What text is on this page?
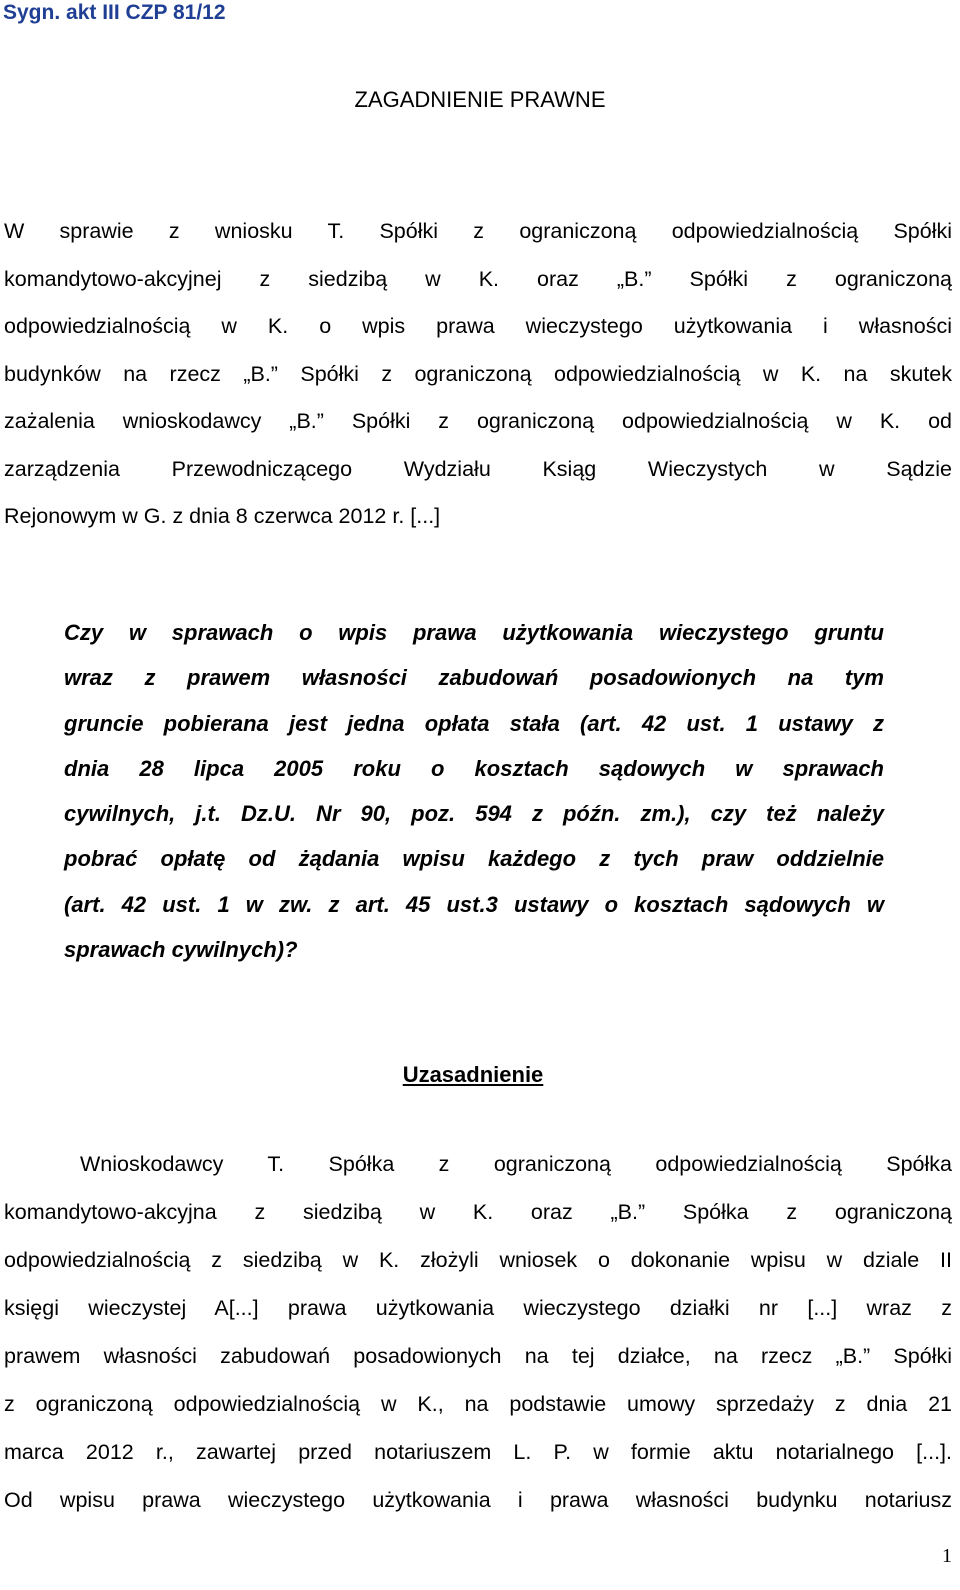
Sygn. akt III CZP 81/12
ZAGADNIENIE PRAWNE
W sprawie z wniosku T. Spółki z ograniczoną odpowiedzialnością Spółki
komandytowo-akcyjnej z siedzibą w K. oraz „B.” Spółki z ograniczoną
odpowiedzialnością w K. o wpis prawa wieczystego użytkowania i własności
budynków na rzecz „B.” Spółki z ograniczoną odpowiedzialnością w K. na skutek
zażalenia wnioskodawcy „B.” Spółki z ograniczoną odpowiedzialnością w K. od
zarządzenia Przewodniczącego Wydziału Ksiąg Wieczystych w Sądzie
Rejonowym w G. z dnia 8 czerwca 2012 r. [...]
Czy w sprawach o wpis prawa użytkowania wieczystego gruntu
wraz z prawem własności zabudowań posadowionych na tym
gruncie pobierana jest jedna opłata stała (art. 42 ust. 1 ustawy z
dnia 28 lipca 2005 roku o kosztach sądowych w sprawach
cywilnych, j.t. Dz.U. Nr 90, poz. 594 z późn. zm.), czy też należy
pobrać opłatę od żądania wpisu każdego z tych praw oddzielnie
(art. 42 ust. 1 w zw. z art. 45 ust.3 ustawy o kosztach sądowych w
sprawach cywilnych)?
Uzasadnienie
Wnioskodawcy T. Spółka z ograniczoną odpowiedzialnością Spółka
komandytowo-akcyjna z siedzibą w K. oraz „B.” Spółka z ograniczoną
odpowiedzialnością z siedzibą w K. złożyli wniosek o dokonanie wpisu w dziale II
księgi wieczystej A[...] prawa użytkowania wieczystego działki nr [...] wraz z
prawem własności zabudowań posadowionych na tej działce, na rzecz „B.” Spółki
z ograniczoną odpowiedzialnością w K., na podstawie umowy sprzedaży z dnia 21
marca 2012 r., zawartej przed notariuszem L. P. w formie aktu notarialnego [...].
Od wpisu prawa wieczystego użytkowania i prawa własności budynku notariusz
1
